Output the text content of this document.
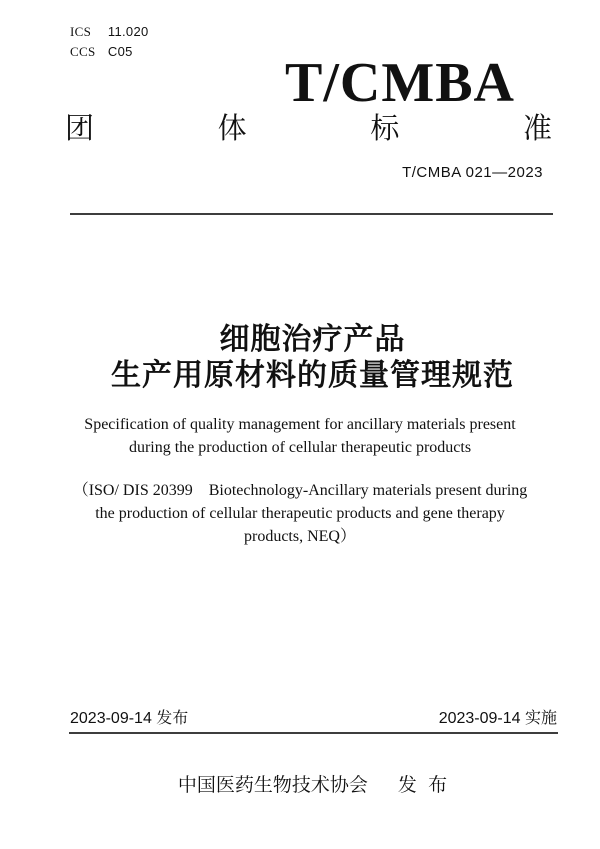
ICS 11.020
CCS C05
T/CMBA
团	体	标	准
T/CMBA 021—2023
细胞治疗产品
生产用原材料的质量管理规范
Specification of quality management for ancillary materials present during the production of cellular therapeutic products
（ISO/ DIS 20399　Biotechnology-Ancillary materials present during the production of cellular therapeutic products and gene therapy products, NEQ）
2023-09-14 发布	2023-09-14 实施
中国医药生物技术协会 发 布
